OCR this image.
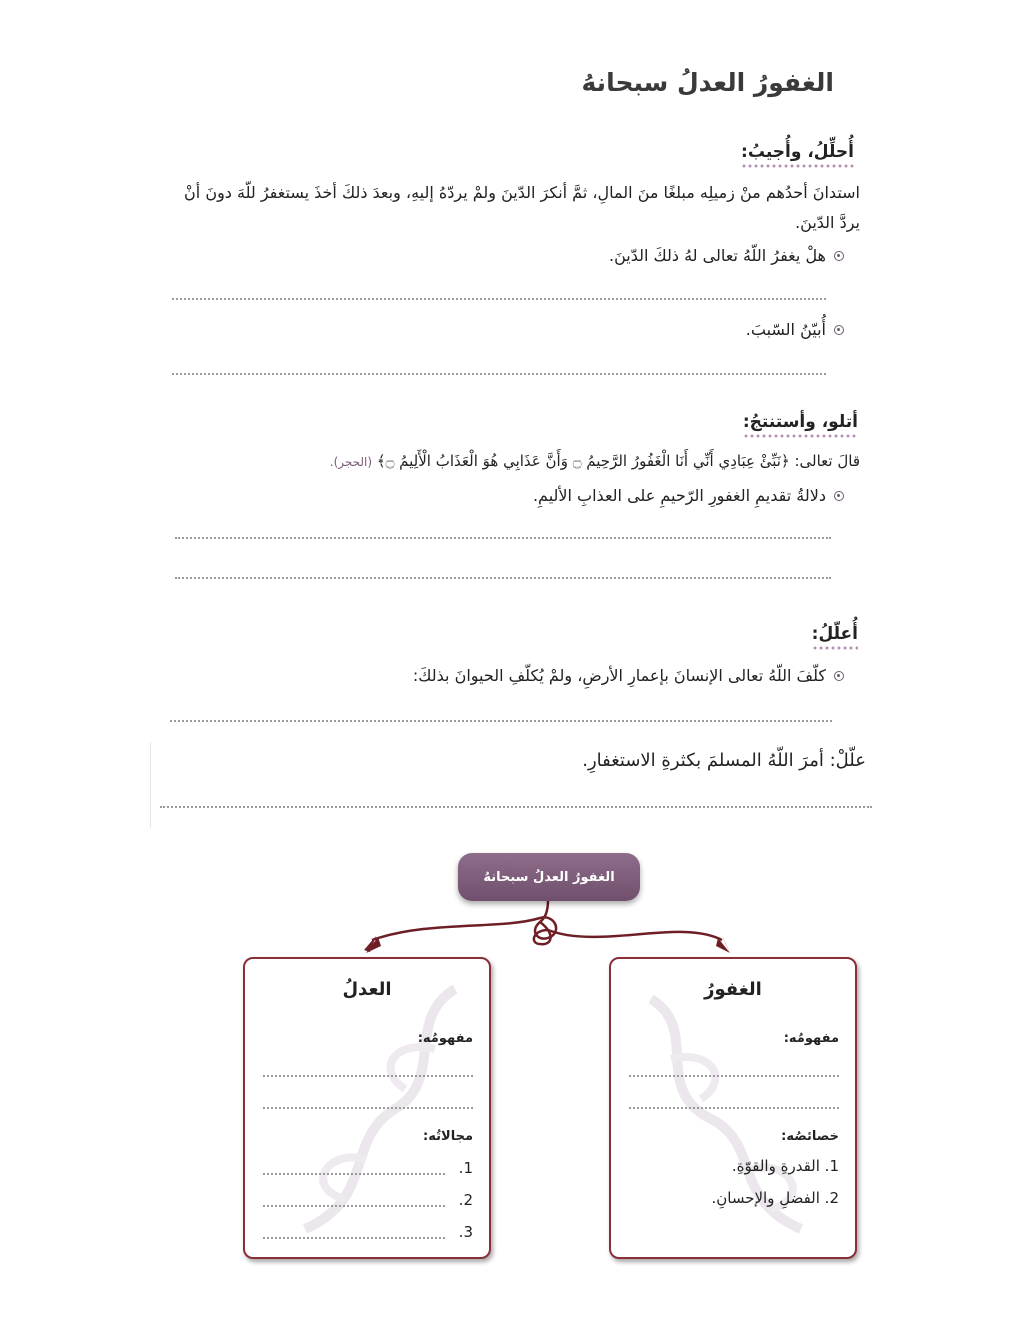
الغفورُ العدلُ سبحانهُ
أُحلِّلُ، وأُجيبُ:
استدانَ أحدُهم منْ زميلِه مبلغًا منَ المالِ، ثمَّ أنكرَ الدّينَ ولمْ يردّهُ إليهِ، وبعدَ ذلكَ أخذَ يستغفرُ للّهَ دونَ أنْ يردَّ الدّينَ.
هلْ يغفرُ اللّهُ تعالى لهُ ذلكَ الدّينَ.
أُبيّنُ السّببَ.
أتلو، وأستنتجُ:
قالَ تعالى: ﴿نَبِّئْ عِبَادِي أَنِّي أَنَا الْغَفُورُ الرَّحِيمُ ۝ وَأَنَّ عَذَابِي هُوَ الْعَذَابُ الْأَلِيمُ ۝﴾ (الحجر).
دلالةُ تقديمِ الغفورِ الرّحيمِ على العذابِ الأليمِ.
أُعلّلُ:
كلّفَ اللّهُ تعالى الإنسانَ بإعمارِ الأرضِ، ولمْ يُكلّفِ الحيوانَ بذلكَ:
علّلْ: أمرَ اللّهُ المسلمَ بكثرةِ الاستغفارِ.
الغفورُ العدلُ سبحانهُ
العدلُ
مفهومُه:
مجالاتُه:
1.
2.
3.
الغفورُ
مفهومُه:
خصائصُه:
1. القدرةِ والقوّةِ.
2. الفضلِ والإحسانِ.
